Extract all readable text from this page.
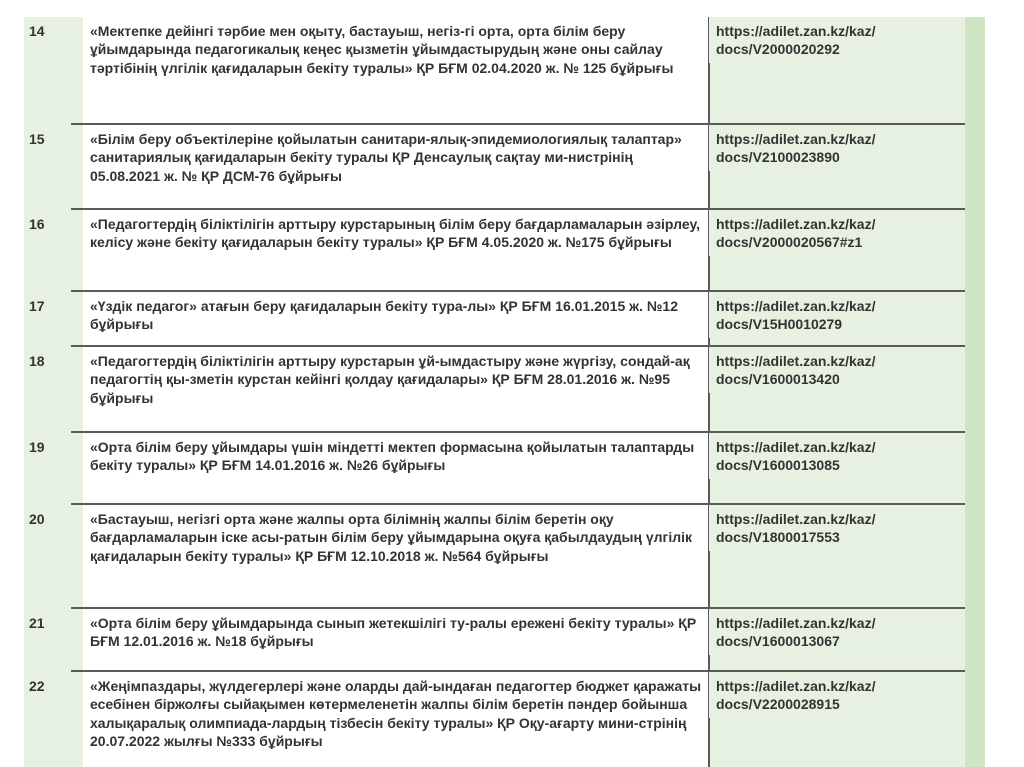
14	«Мектепке дейінгі тәрбие мен оқыту, бастауыш, негіз-гі орта, орта білім беру ұйымдарында педагогикалық кеңес қызметін ұйымдастырудың және оны сайлау тәртібінің үлгілік қағидаларын бекіту туралы» ҚР БҒМ 02.04.2020 ж. № 125 бұйрығы
https://adilet.zan.kz/kaz/
docs/V2000020292
15	«Білім беру объектілеріне қойылатын санитари-ялық-эпидемиологиялық талаптар» санитариялық қағидаларын бекіту туралы ҚР Денсаулық сақтау ми-нистрінің 05.08.2021 ж. № ҚР ДСМ-76 бұйрығы
https://adilet.zan.kz/kaz/
docs/V2100023890
16	«Педагогтердің біліктілігін арттыру курстарының білім беру бағдарламаларын әзірлеу, келісу және бекіту қағидаларын бекіту туралы» ҚР БҒМ 4.05.2020 ж. №175 бұйрығы
https://adilet.zan.kz/kaz/
docs/V2000020567#z1
17	«Үздік педагог» атағын беру қағидаларын бекіту тура-лы» ҚР БҒМ 16.01.2015 ж. №12 бұйрығы
https://adilet.zan.kz/kaz/
docs/V15H0010279
18	«Педагогтердің біліктілігін арттыру курстарын ұй-ымдастыру және жүргізу, сондай-ақ педагогтің қы-зметін курстан кейінгі қолдау қағидалары» ҚР БҒМ 28.01.2016 ж. №95 бұйрығы
https://adilet.zan.kz/kaz/
docs/V1600013420
19	«Орта білім беру ұйымдары үшін міндетті мектеп формасына қойылатын талаптарды бекіту туралы» ҚР БҒМ 14.01.2016 ж. №26 бұйрығы
https://adilet.zan.kz/kaz/
docs/V1600013085
20	«Бастауыш, негізгі орта және жалпы орта білімнің жалпы білім беретін оқу бағдарламаларын іске асы-ратын білім беру ұйымдарына оқуға қабылдаудың үлгілік қағидаларын бекіту туралы» ҚР БҒМ 12.10.2018 ж. №564 бұйрығы
https://adilet.zan.kz/kaz/
docs/V1800017553
21	«Орта білім беру ұйымдарында сынып жетекшілігі ту-ралы ережені бекіту туралы» ҚР БҒМ 12.01.2016 ж. №18 бұйрығы
https://adilet.zan.kz/kaz/
docs/V1600013067
22	«Жеңімпаздары, жүлдегерлері және оларды дай-ындаған педагогтер бюджет қаражаты есебінен біржолғы сыйақымен көтермеленетін жалпы білім беретін пәндер бойынша халықаралық олимпиада-лардың тізбесін бекіту туралы» ҚР Оқу-ағарту мини-стрінің 20.07.2022 жылғы №333 бұйрығы
https://adilet.zan.kz/kaz/
docs/V2200028915
